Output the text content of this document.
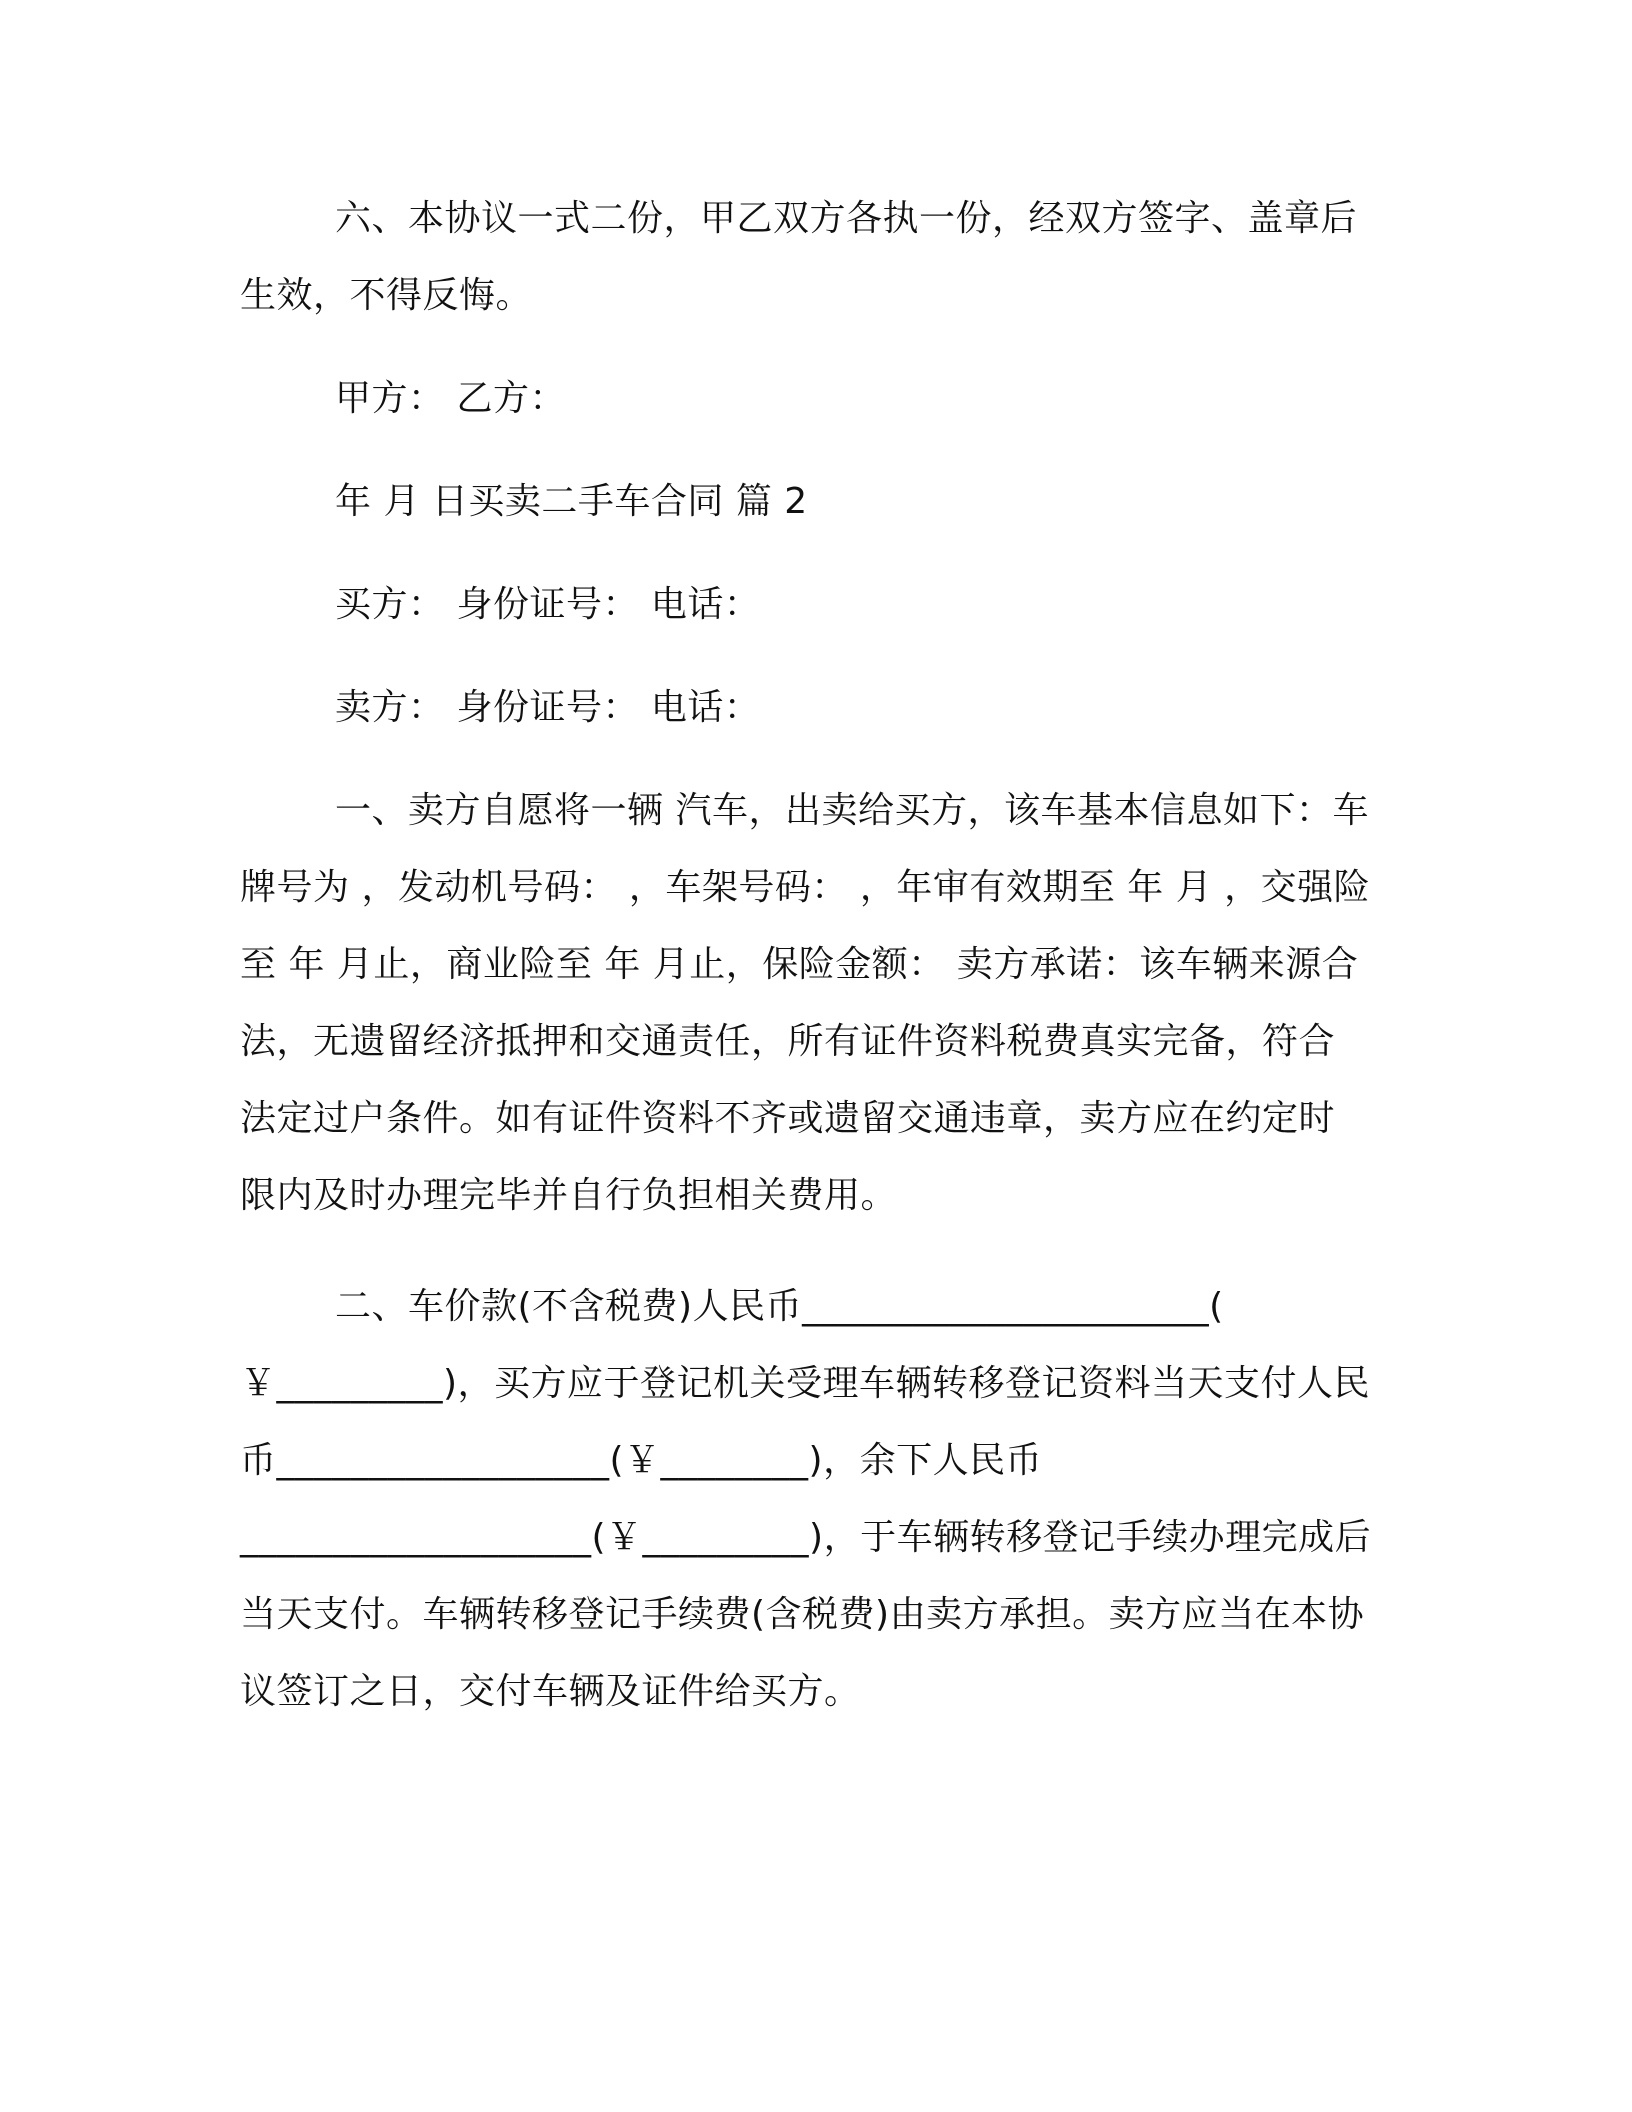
六、本协议一式二份，甲乙双方各执一份，经双方签字、盖章后
生效，不得反悔。
甲方： 乙方：
年 月 日买卖二手车合同 篇 2
买方： 身份证号： 电话：
卖方： 身份证号： 电话：
一、卖方自愿将一辆 汽车，出卖给买方，该车基本信息如下：车
牌号为 ，发动机号码： ，车架号码： ，年审有效期至 年 月 ，交强险
至 年 月止，商业险至 年 月止，保险金额： 卖方承诺：该车辆来源合
法，无遗留经济抵押和交通责任，所有证件资料税费真实完备，符合
法定过户条件。如有证件资料不齐或遗留交通违章，卖方应在约定时
限内及时办理完毕并自行负担相关费用。
二、车价款(不含税费)人民币______________________(
￥_________)，买方应于登记机关受理车辆转移登记资料当天支付人民
币__________________(￥________)，余下人民币
___________________(￥_________)，于车辆转移登记手续办理完成后
当天支付。车辆转移登记手续费(含税费)由卖方承担。卖方应当在本协
议签订之日，交付车辆及证件给买方。
